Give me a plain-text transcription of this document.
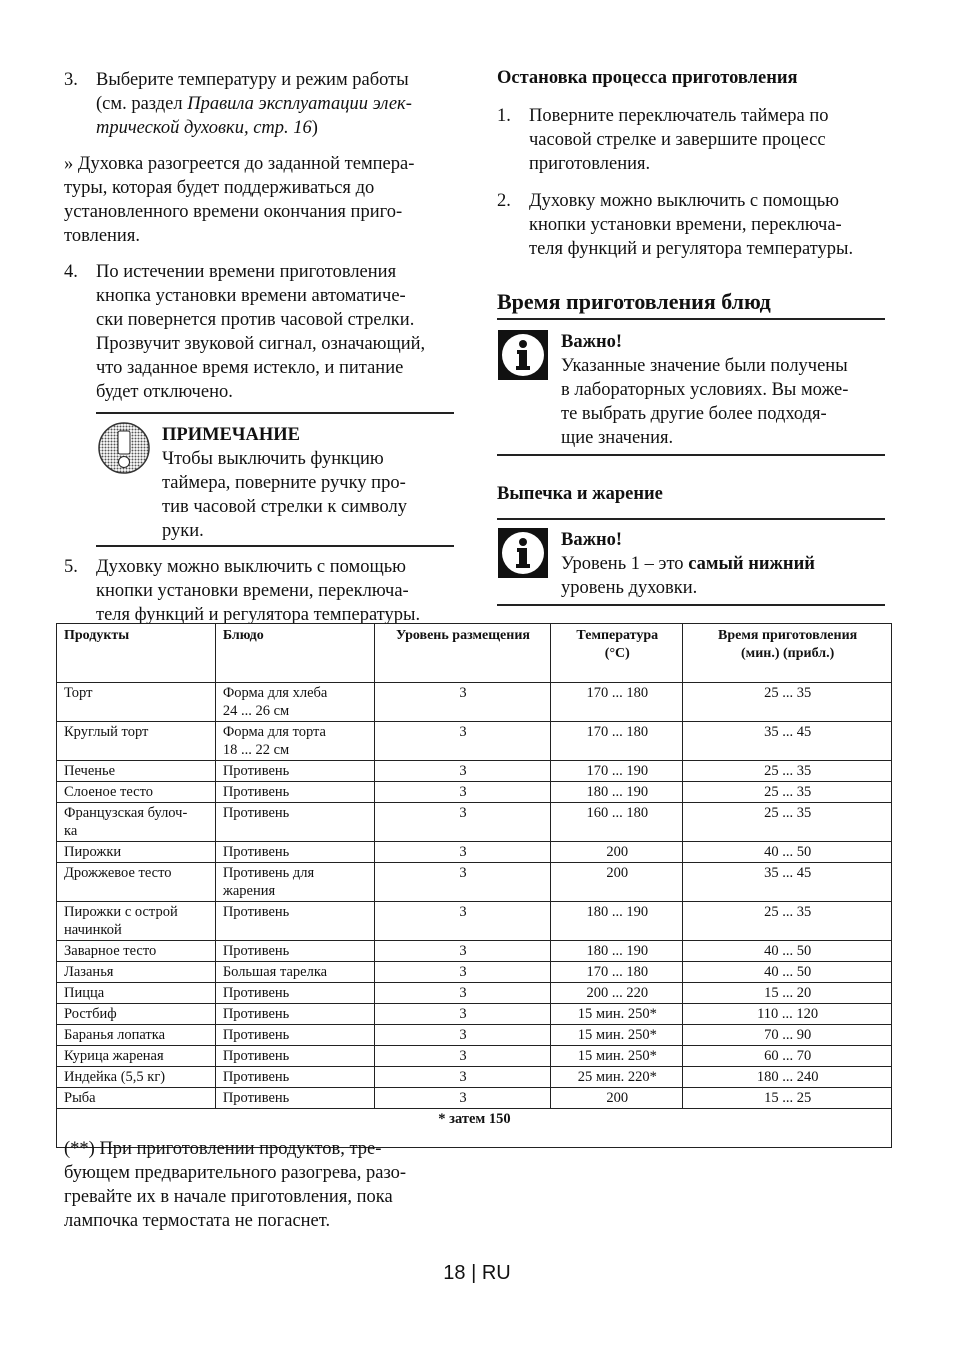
3. Выберите температуру и режим работы
(см. раздел Правила эксплуатации элек-
трической духовки, стр. 16)
» Духовка разогреется до заданной темпера-
туры, которая будет поддерживаться до
установленного времени окончания приго-
товления.
4. По истечении времени приготовления
кнопка установки времени автоматиче-
ски повернется против часовой стрелки.
Прозвучит звуковой сигнал, означающий,
что заданное время истекло, и питание
будет отключено.
ПРИМЕЧАНИЕ
Чтобы выключить функцию
таймера, поверните ручку про-
тив часовой стрелки к символу
руки.
5. Духовку можно выключить с помощью
кнопки установки времени, переключа-
теля функций и регулятора температуры.
Остановка процесса приготовления
1. Поверните переключатель таймера по
часовой стрелке и завершите процесс
приготовления.
2. Духовку можно выключить с помощью
кнопки установки времени, переключа-
теля функций и регулятора температуры.
Время приготовления блюд
Важно!
Указанные значение были получены
в лабораторных условиях. Вы може-
те выбрать другие более подходя-
щие значения.
Выпечка и жарение
Важно!
Уровень 1 – это самый нижний
уровень духовки.
Продукты	Блюдо	Уровень размещения	Температура
(°C)	Время приготовления
(мин.) (прибл.)
Торт	Форма для хлеба
24 ... 26 см	3	170 ... 180	25 ... 35
Круглый торт	Форма для торта
18 ... 22 см	3	170 ... 180	35 ... 45
Печенье	Противень	3	170 ... 190	25 ... 35
Слоеное тесто	Противень	3	180 ... 190	25 ... 35
Французская булоч-
ка	Противень	3	160 ... 180	25 ... 35
Пирожки	Противень	3	200	40 ... 50
Дрожжевое тесто	Противень для
жарения	3	200	35 ... 45
Пирожки с острой
начинкой	Противень	3	180 ... 190	25 ... 35
Заварное тесто	Противень	3	180 ... 190	40 ... 50
Лазанья	Большая тарелка	3	170 ... 180	40 ... 50
Пицца	Противень	3	200 ... 220	15 ... 20
Ростбиф	Противень	3	15 мин. 250*	110 ... 120
Баранья лопатка	Противень	3	15 мин. 250*	70 ... 90
Курица жареная	Противень	3	15 мин. 250*	60 ... 70
Индейка (5,5 кг)	Противень	3	25 мин. 220*	180 ... 240
Рыба	Противень	3	200	15 ... 25
* затем 150				
(**) При приготовлении продуктов, тре-
бующем предварительного разогрева, разо-
гревайте их в начале приготовления, пока
лампочка термостата не погаснет.
18 | RU
